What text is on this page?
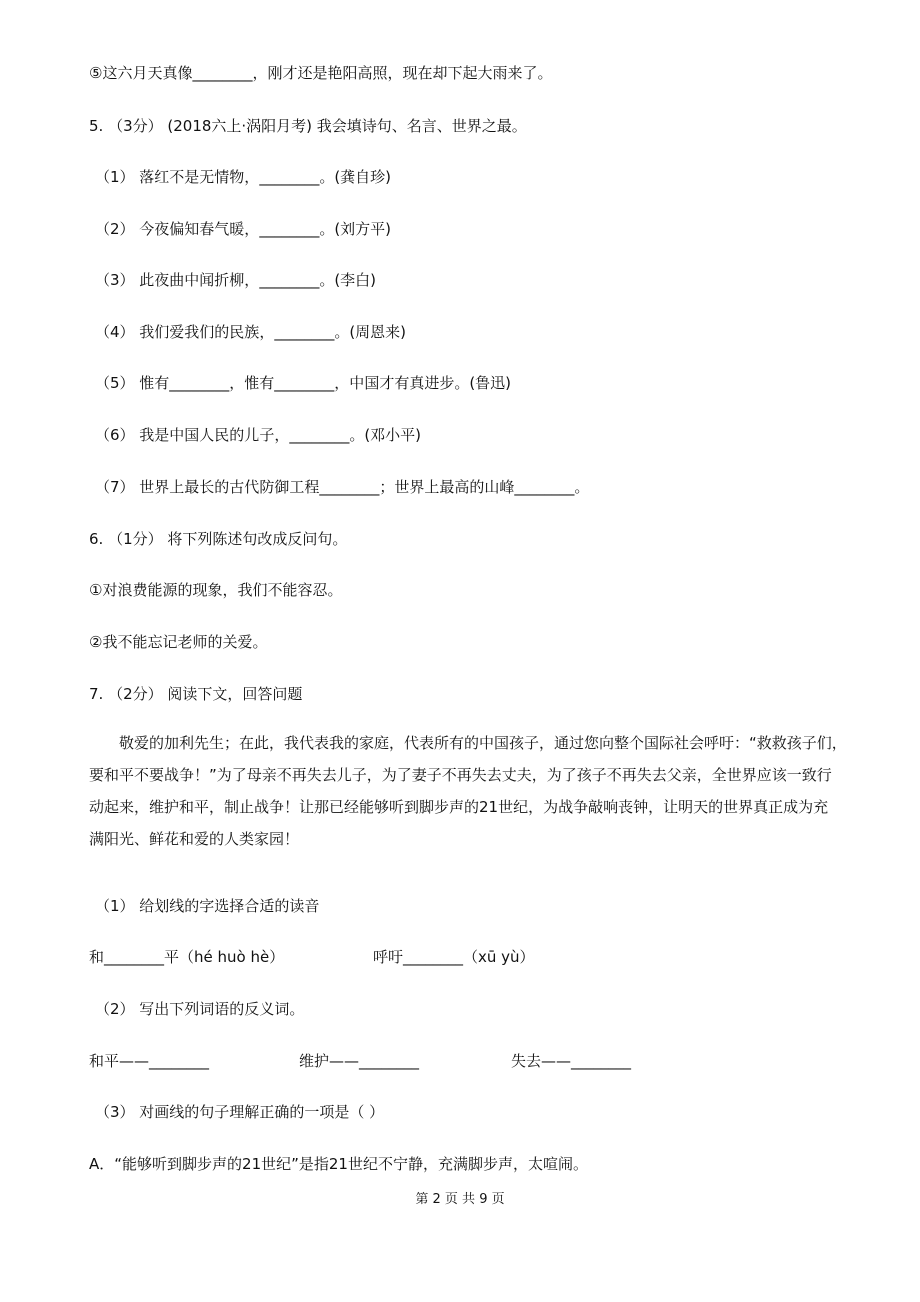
⑤这六月天真像________，刚才还是艳阳高照，现在却下起大雨来了。
5. （3分） (2018六上·涡阳月考) 我会填诗句、名言、世界之最。
（1） 落红不是无情物，________。(龚自珍)
（2） 今夜偏知春气暖，________。(刘方平)
（3） 此夜曲中闻折柳，________。(李白)
（4） 我们爱我们的民族，________。(周恩来)
（5） 惟有________，惟有________，中国才有真进步。(鲁迅)
（6） 我是中国人民的儿子，________。(邓小平)
（7） 世界上最长的古代防御工程________；世界上最高的山峰________。
6. （1分） 将下列陈述句改成反问句。
①对浪费能源的现象，我们不能容忍。
②我不能忘记老师的关爱。
7. （2分） 阅读下文，回答问题
　　敬爱的加利先生；在此，我代表我的家庭，代表所有的中国孩子，通过您向整个国际社会呼吁：“救救孩子们，
要和平不要战争！”为了母亲不再失去儿子，为了妻子不再失去丈夫，为了孩子不再失去父亲，全世界应该一致行
动起来，维护和平，制止战争！让那已经能够听到脚步声的21世纪，为战争敲响丧钟，让明天的世界真正成为充
满阳光、鲜花和爱的人类家园！
（1） 给划线的字选择合适的读音
和________平（hé huò hè）	呼吁________（xū yù）
（2） 写出下列词语的反义词。
和平——________	维护——________	失去——________
（3） 对画线的句子理解正确的一项是（ ）
A．“能够听到脚步声的21世纪”是指21世纪不宁静，充满脚步声，太喧闹。
第 2 页 共 9 页
